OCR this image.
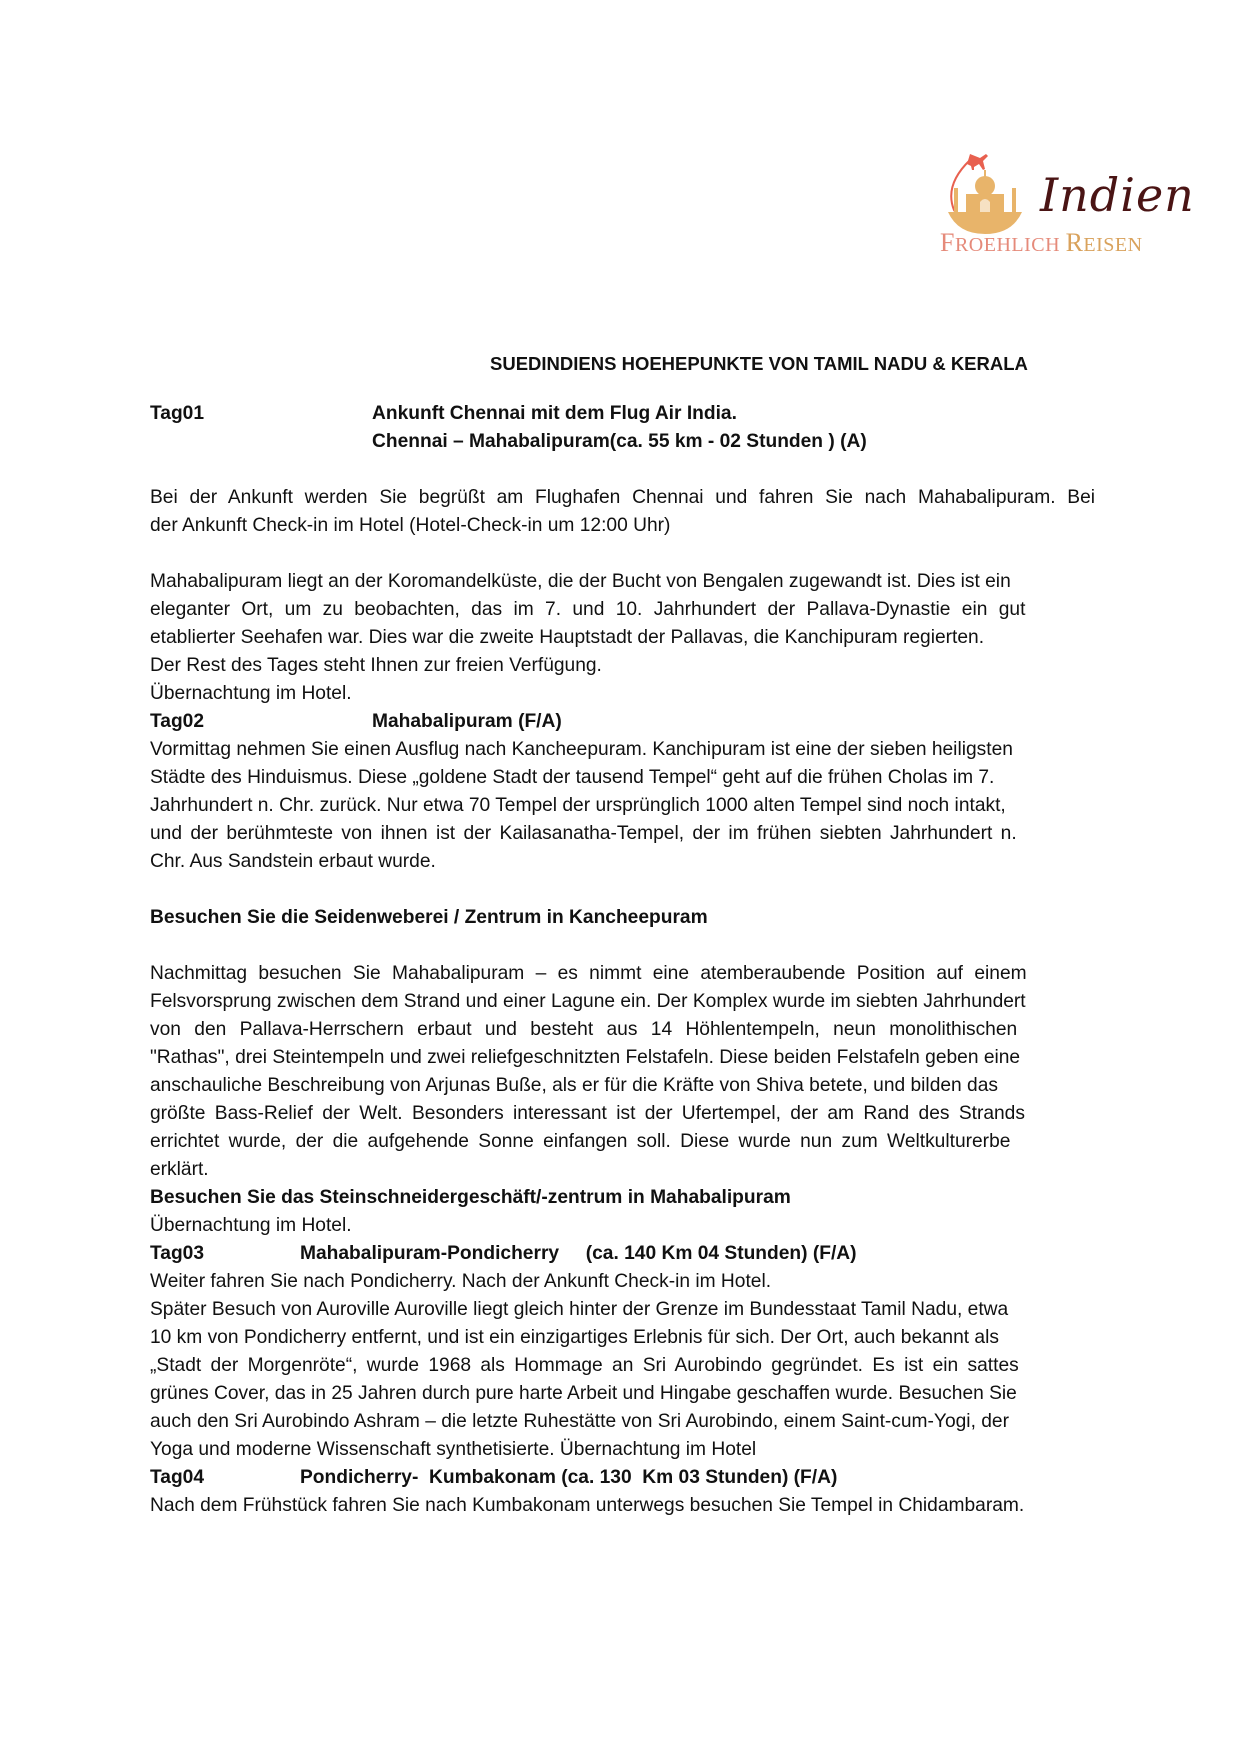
Indien
FROEHLICH REISEN
SUEDINDIENS HOEHEPUNKTE VON TAMIL NADU & KERALA
Tag01	Ankunft Chennai mit dem Flug Air India.
Chennai – Mahabalipuram(ca. 55 km - 02 Stunden ) (A)
Bei der Ankunft werden Sie begrüßt am Flughafen Chennai und fahren Sie nach Mahabalipuram. Bei
der Ankunft Check-in im Hotel (Hotel-Check-in um 12:00 Uhr)
Mahabalipuram liegt an der Koromandelküste, die der Bucht von Bengalen zugewandt ist. Dies ist ein
eleganter Ort, um zu beobachten, das im 7. und 10. Jahrhundert der Pallava-Dynastie ein gut
etablierter Seehafen war. Dies war die zweite Hauptstadt der Pallavas, die Kanchipuram regierten.
Der Rest des Tages steht Ihnen zur freien Verfügung.
Übernachtung im Hotel.
Tag02	Mahabalipuram (F/A)
Vormittag nehmen Sie einen Ausflug nach Kancheepuram. Kanchipuram ist eine der sieben heiligsten
Städte des Hinduismus. Diese „goldene Stadt der tausend Tempel“ geht auf die frühen Cholas im 7.
Jahrhundert n. Chr. zurück. Nur etwa 70 Tempel der ursprünglich 1000 alten Tempel sind noch intakt,
und der berühmteste von ihnen ist der Kailasanatha-Tempel, der im frühen siebten Jahrhundert n.
Chr. Aus Sandstein erbaut wurde.
Besuchen Sie die Seidenweberei / Zentrum in Kancheepuram
Nachmittag besuchen Sie Mahabalipuram – es nimmt eine atemberaubende Position auf einem
Felsvorsprung zwischen dem Strand und einer Lagune ein. Der Komplex wurde im siebten Jahrhundert
von den Pallava-Herrschern erbaut und besteht aus 14 Höhlentempeln, neun monolithischen
"Rathas", drei Steintempeln und zwei reliefgeschnitzten Felstafeln. Diese beiden Felstafeln geben eine
anschauliche Beschreibung von Arjunas Buße, als er für die Kräfte von Shiva betete, und bilden das
größte Bass-Relief der Welt. Besonders interessant ist der Ufertempel, der am Rand des Strands
errichtet wurde, der die aufgehende Sonne einfangen soll. Diese wurde nun zum Weltkulturerbe
erklärt.
Besuchen Sie das Steinschneidergeschäft/-zentrum in Mahabalipuram
Übernachtung im Hotel.
Tag03	Mahabalipuram-Pondicherry     (ca. 140 Km 04 Stunden) (F/A)
Weiter fahren Sie nach Pondicherry. Nach der Ankunft Check-in im Hotel.
Später Besuch von Auroville Auroville liegt gleich hinter der Grenze im Bundesstaat Tamil Nadu, etwa
10 km von Pondicherry entfernt, und ist ein einzigartiges Erlebnis für sich. Der Ort, auch bekannt als
„Stadt der Morgenröte“, wurde 1968 als Hommage an Sri Aurobindo gegründet. Es ist ein sattes
grünes Cover, das in 25 Jahren durch pure harte Arbeit und Hingabe geschaffen wurde. Besuchen Sie
auch den Sri Aurobindo Ashram – die letzte Ruhestätte von Sri Aurobindo, einem Saint-cum-Yogi, der
Yoga und moderne Wissenschaft synthetisierte. Übernachtung im Hotel
Tag04	Pondicherry-  Kumbakonam (ca. 130  Km 03 Stunden) (F/A)
Nach dem Frühstück fahren Sie nach Kumbakonam unterwegs besuchen Sie Tempel in Chidambaram.
